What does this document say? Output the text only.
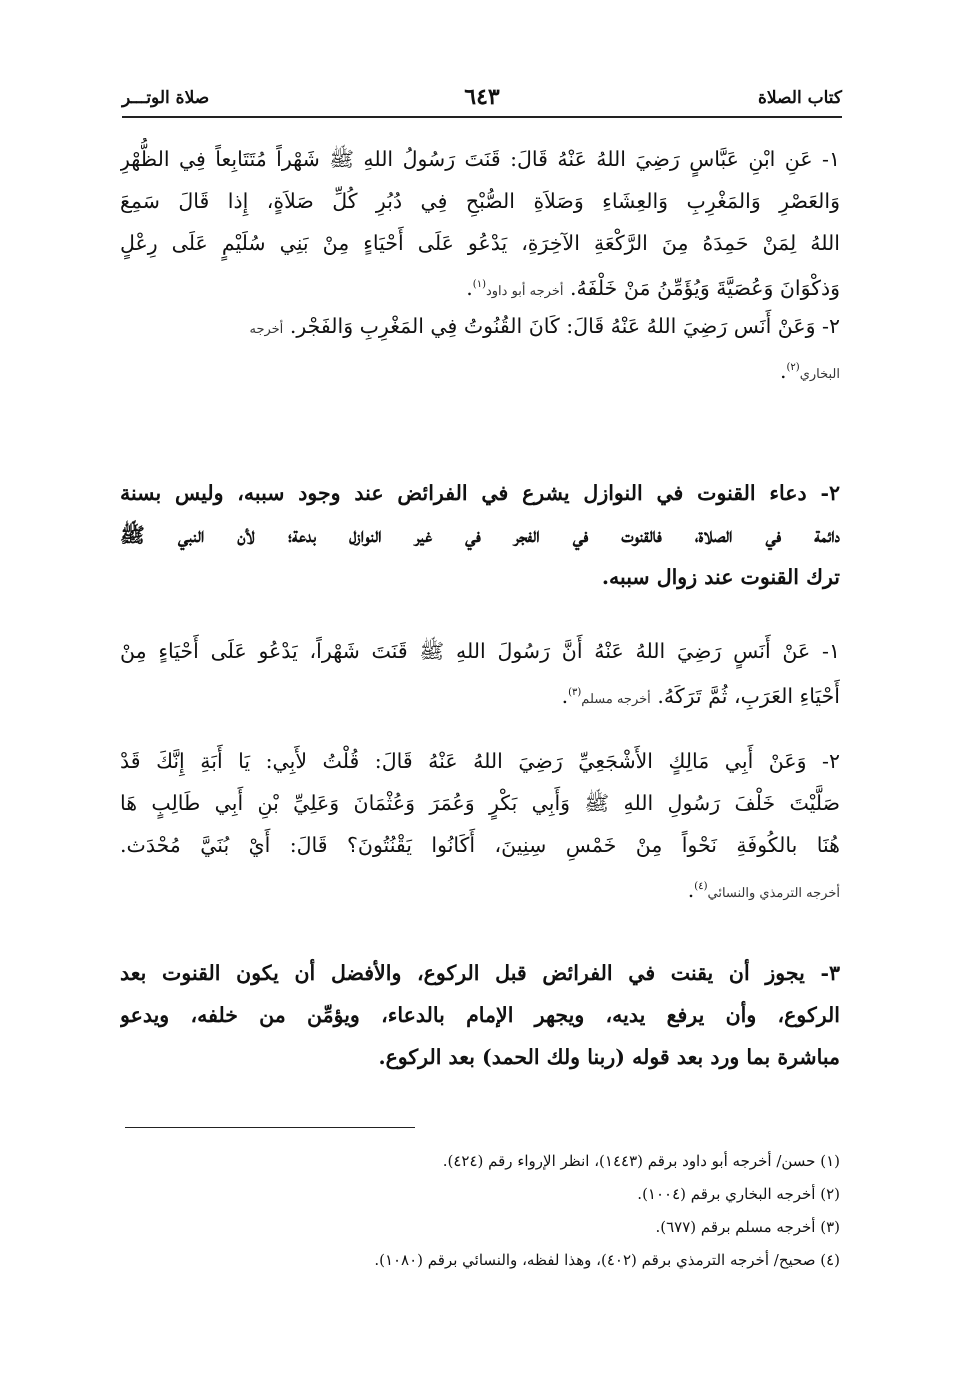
كتاب الصلاة
٦٤٣
صلاة الوتـــر
١- عَنِ ابْنِ عَبَّاسٍ رَضِيَ اللهُ عَنْهُ قَالَ: قَنَتَ رَسُولُ اللهِ ﷺ شَهْراً مُتَتَابِعاً فِي الظُّهْرِ
وَالعَصْرِ وَالمَغْرِبِ وَالعِشَاءِ وَصَلاَةِ الصُّبْحِ فِي دُبُرِ كُلِّ صَلاَةٍ، إِذا قَالَ سَمِعَ
اللهُ لِمَنْ حَمِدَهُ مِنَ الرَّكْعَةِ الآخِرَةِ، يَدْعُو عَلَى أَحْيَاءٍ مِنْ بَنِي سُلَيْمٍ عَلَى رِعْلٍ
وَذكْوَانَ وَعُصَيَّةَ وَيُؤَمِّنُ مَنْ خَلْفَهُ. أخرجه أبو داود$^{(١)}$.
٢- وَعَنْ أَنَس رَضِيَ اللهُ عَنْهُ قَالَ: كَانَ القُنُوتُ فِي المَغْرِبِ وَالفَجْر. أخرجه
البخاري$^{(٢)}$.
٢- دعاء القنوت في النوازل يشرع في الفرائض عند وجود سببه، وليس بسنة
دائمة في الصلاة، فالقنوت في الفجر في غير النوازل بدعة؛ لأن النبي ﷺ
ترك القنوت عند زوال سببه.
١- عَنْ أَنَسٍ رَضِيَ اللهُ عَنْهُ أَنَّ رَسُولَ اللهِ ﷺ قَنَتَ شَهْراً، يَدْعُو عَلَى أَحْيَاءٍ مِنْ
أَحْيَاءِ العَرَبِ، ثُمَّ تَرَكَهُ. أخرجه مسلم$^{(٣)}$.
٢- وَعَنْ أَبِي مَالِكٍ الأَشْجَعِيِّ رَضِيَ اللهُ عَنْهُ قَالَ: قُلْتُ لأَبِي: يَا أَبَةِ إِنَّكَ قَدْ
صَلَّيْتَ خَلْفَ رَسُولِ اللهِ ﷺ وَأَبِي بَكْرٍ وَعُمَرَ وَعُثْمَانَ وَعَلِيِّ بْنِ أَبِي طَالِبٍ هَا
هُنَا بالكُوفَةِ نَحْواً مِنْ خَمْسِ سِنِينَ، أَكَانُوا يَقْنُتُونَ؟ قَالَ: أَيْ بُنَيَّ مُحْدَث.
أخرجه الترمذي والنسائي$^{(٤)}$.
٣- يجوز أن يقنت في الفرائض قبل الركوع، والأفضل أن يكون القنوت بعد
الركوع، وأن يرفع يديه، ويجهر الإمام بالدعاء، ويؤمِّن من خلفه، ويدعو
مباشرة بما ورد بعد قوله (ربنا ولك الحمد) بعد الركوع.
(١) حسن/ أخرجه أبو داود برقم (١٤٤٣)، انظر الإرواء رقم (٤٢٤).
(٢) أخرجه البخاري برقم (١٠٠٤).
(٣) أخرجه مسلم برقم (٦٧٧).
(٤) صحيح/ أخرجه الترمذي برقم (٤٠٢)، وهذا لفظه، والنسائي برقم (١٠٨٠).
